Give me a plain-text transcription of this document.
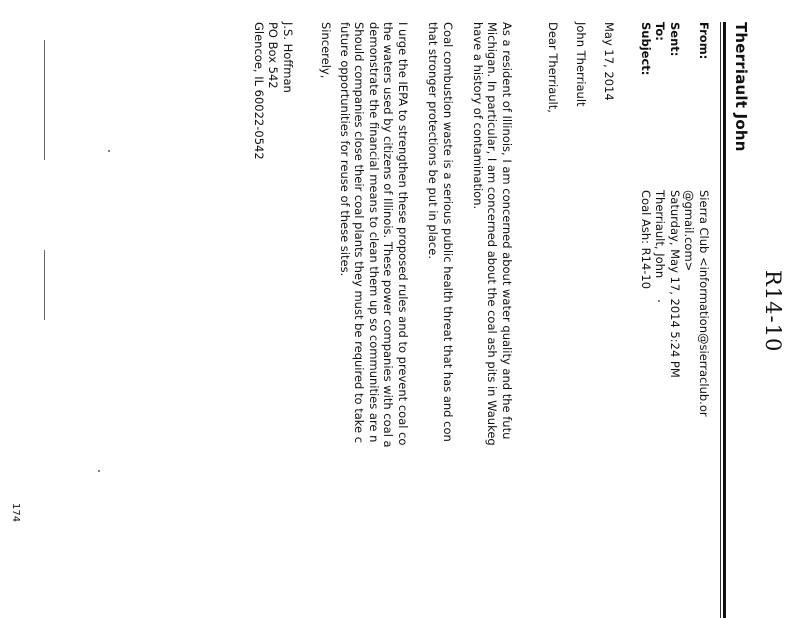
R14-10
Therriault John
From:
Sent:
To:
Subject:
Sierra Club <information@sierraclub.or
@gmail.com>
Saturday, May 17, 2014 5:24 PM
Therriault, John
Coal Ash: R14-10
May 17, 2014
John Therriault
Dear Therriault,
As a resident of Illinois, I am concerned about water quality and the futu
Michigan. In particular, I am concerned about the coal ash pits in Waukeg
have a history of contamination.
Coal combustion waste is a serious public health threat that has and con
that stronger protections be put in place.
I urge the IEPA to strengthen these proposed rules and to prevent coal co
the waters used by citizens of Illinois. These power companies with coal a
demonstrate the financial means to clean them up so communities are n
Should companies close their coal plants they must be required to take c
future opportunities for reuse of these sites.
Sincerely,
J.S. Hoffman
PO Box 542
Glencoe, IL 60022-0542
174
